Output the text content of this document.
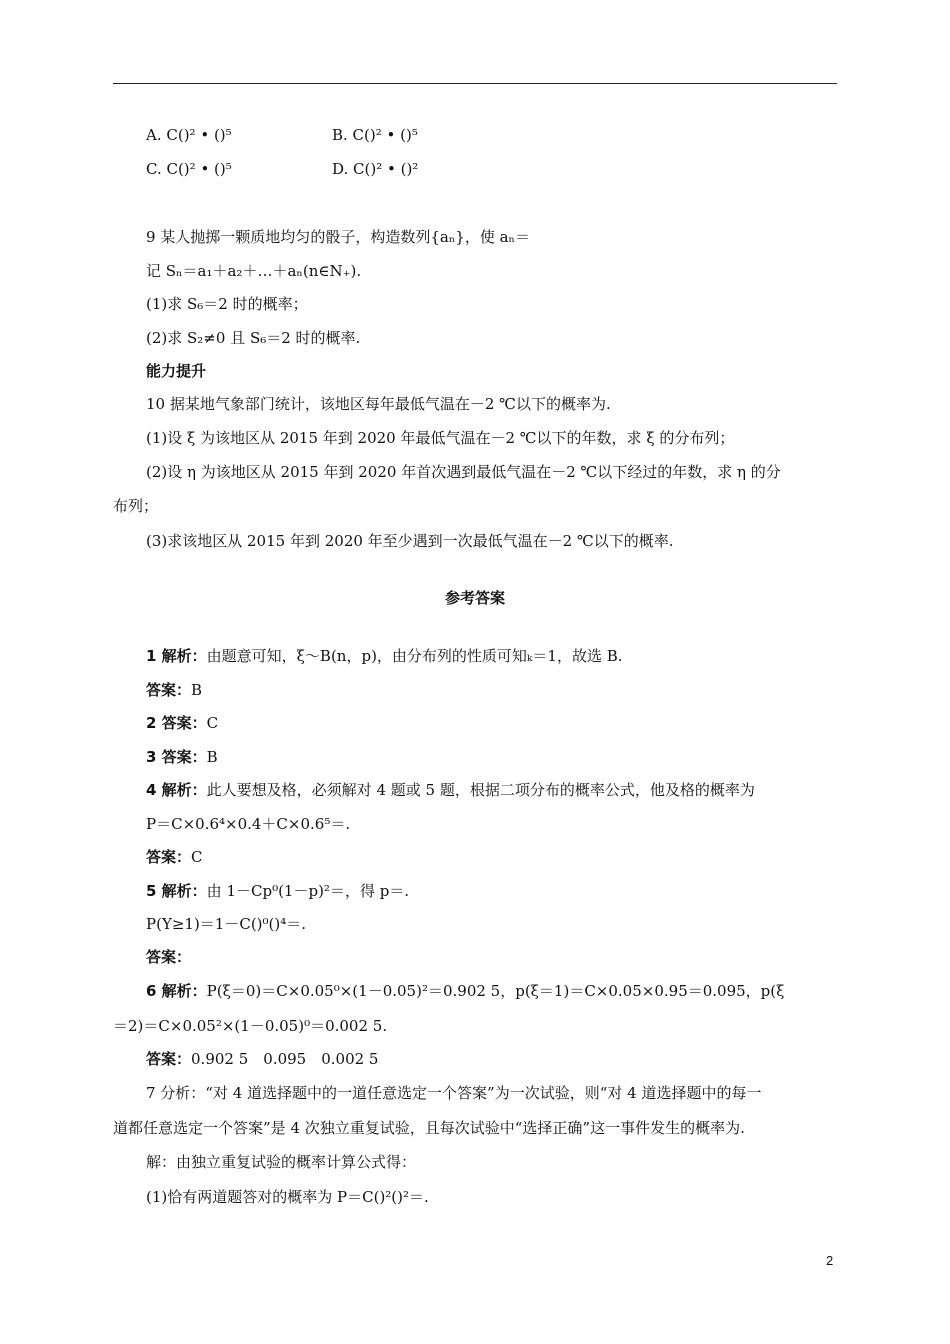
A. C()² • ()⁵	B. C()² • ()⁵
C. C()² • ()⁵	D. C()² • ()²
9 某人抛掷一颗质地均匀的骰子，构造数列{aₙ}，使 aₙ＝
记 Sₙ＝a₁＋a₂＋…＋aₙ(n∈N₊).
(1)求 S₆＝2 时的概率；
(2)求 S₂≠0 且 S₆＝2 时的概率.
能力提升
10 据某地气象部门统计，该地区每年最低气温在－2 ℃以下的概率为.
(1)设 ξ 为该地区从 2015 年到 2020 年最低气温在－2 ℃以下的年数，求 ξ 的分布列；
(2)设 η 为该地区从 2015 年到 2020 年首次遇到最低气温在－2 ℃以下经过的年数，求 η 的分
布列；
(3)求该地区从 2015 年到 2020 年至少遇到一次最低气温在－2 ℃以下的概率.
参考答案
1 解析：由题意可知，ξ～B(n，p)，由分布列的性质可知ₖ＝1，故选 B.
答案：B
2 答案：C
3 答案：B
4 解析：此人要想及格，必须解对 4 题或 5 题，根据二项分布的概率公式，他及格的概率为
P＝C×0.6⁴×0.4＋C×0.6⁵＝.
答案：C
5 解析：由 1－Cp⁰(1－p)²＝，得 p＝.
P(Y≥1)＝1－C()⁰()⁴＝.
答案：
6 解析：P(ξ＝0)＝C×0.05⁰×(1－0.05)²＝0.902 5，p(ξ＝1)＝C×0.05×0.95＝0.095，p(ξ
＝2)＝C×0.05²×(1－0.05)⁰＝0.002 5.
答案：0.902 5　0.095　0.002 5
7 分析：“对 4 道选择题中的一道任意选定一个答案”为一次试验，则“对 4 道选择题中的每一
道都任意选定一个答案”是 4 次独立重复试验，且每次试验中“选择正确”这一事件发生的概率为.
解：由独立重复试验的概率计算公式得：
(1)恰有两道题答对的概率为 P＝C()²()²＝.
2
